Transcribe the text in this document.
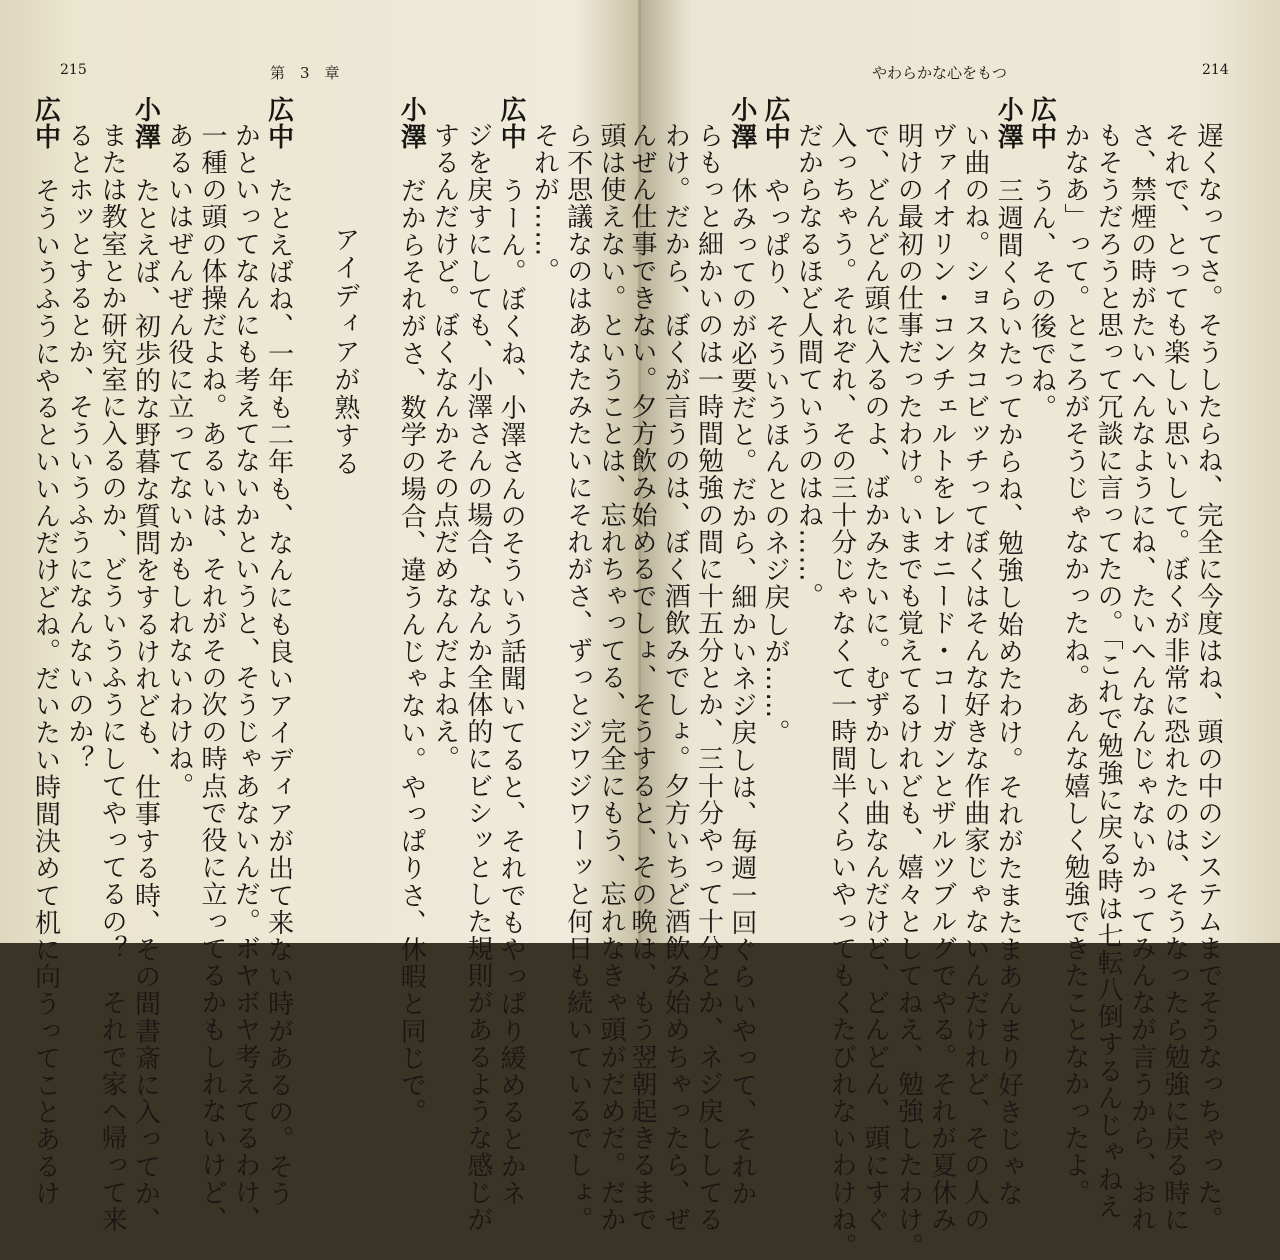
215	第　3　章
頭は使えない。ということは、忘れちゃってる、完全にもう、忘れなきゃ頭がだめだ。だか
ら不思議なのはあなたみたいにそれがさ、ずっとジワジワーッと何日も続いているでしょ。
それが……。
広中うーん。ぼくね、小澤さんのそういう話聞いてると、それでもやっぱり緩めるとかネ
ジを戻すにしても、小澤さんの場合、なんか全体的にビシッとした規則があるような感じが
するんだけど。ぼくなんかその点だめなんだよねえ。
小澤だからそれがさ、数学の場合、違うんじゃない。やっぱりさ、休暇と同じで。
アイディアが熟する
広中たとえばね、一年も二年も、なんにも良いアイディアが出て来ない時があるの。そう
かといってなんにも考えてないかというと、そうじゃあないんだ。ボヤボヤ考えてるわけ、
一種の頭の体操だよね。あるいは、それがその次の時点で役に立ってるかもしれないけど、
あるいはぜんぜん役に立ってないかもしれないわけね。
小澤たとえば、初歩的な野暮な質問をするけれども、仕事する時、その間書斎に入ってか、
または教室とか研究室に入るのか、どういうふうにしてやってるの？　それで家へ帰って来
るとホッとするとか、そういうふうになんないのか？
広中そういうふうにやるといいんだけどね。だいたい時間決めて机に向うってことあるけ
やわらかな心をもつ	214
遅くなってさ。そうしたらね、完全に今度はね、頭の中のシステムまでそうなっちゃった。
それで、とっても楽しい思いして。ぼくが非常に恐れたのは、そうなったら勉強に戻る時に
さ、禁煙の時がたいへんなようにね、たいへんなんじゃないかってみんなが言うから、おれ
もそうだろうと思って冗談に言ってたの。「これで勉強に戻る時は七転八倒するんじゃねえ
かなあ」って。ところがそうじゃなかったね。あんな嬉しく勉強できたことなかったよ。
広中うん、その後でね。
小澤三週間くらいたってからね、勉強し始めたわけ。それがたまたまあんまり好きじゃな
い曲のね。ショスタコビッチってぼくはそんな好きな作曲家じゃないんだけれど、その人の
ヴァイオリン・コンチェルトをレオニード・コーガンとザルツブルグでやる。それが夏休み
明けの最初の仕事だったわけ。いまでも覚えてるけれども、嬉々としてねえ、勉強したわけ。
で、どんどん頭に入るのよ、ばかみたいに。むずかしい曲なんだけど、どんどん、頭にすぐ
入っちゃう。それぞれ、その三十分じゃなくて一時間半くらいやってもくたびれないわけね。
だからなるほど人間ていうのはね……。
広中やっぱり、そういうほんとのネジ戻しが……。
小澤休みってのが必要だと。だから、細かいネジ戻しは、毎週一回ぐらいやって、それか
らもっと細かいのは一時間勉強の間に十五分とか、三十分やって十分とか、ネジ戻ししてる
わけ。だから、ぼくが言うのは、ぼく酒飲みでしょ。夕方いちど酒飲み始めちゃったら、ぜ
んぜん仕事できない。夕方飲み始めるでしょ、そうすると、その晩は、もう翌朝起きるまで
